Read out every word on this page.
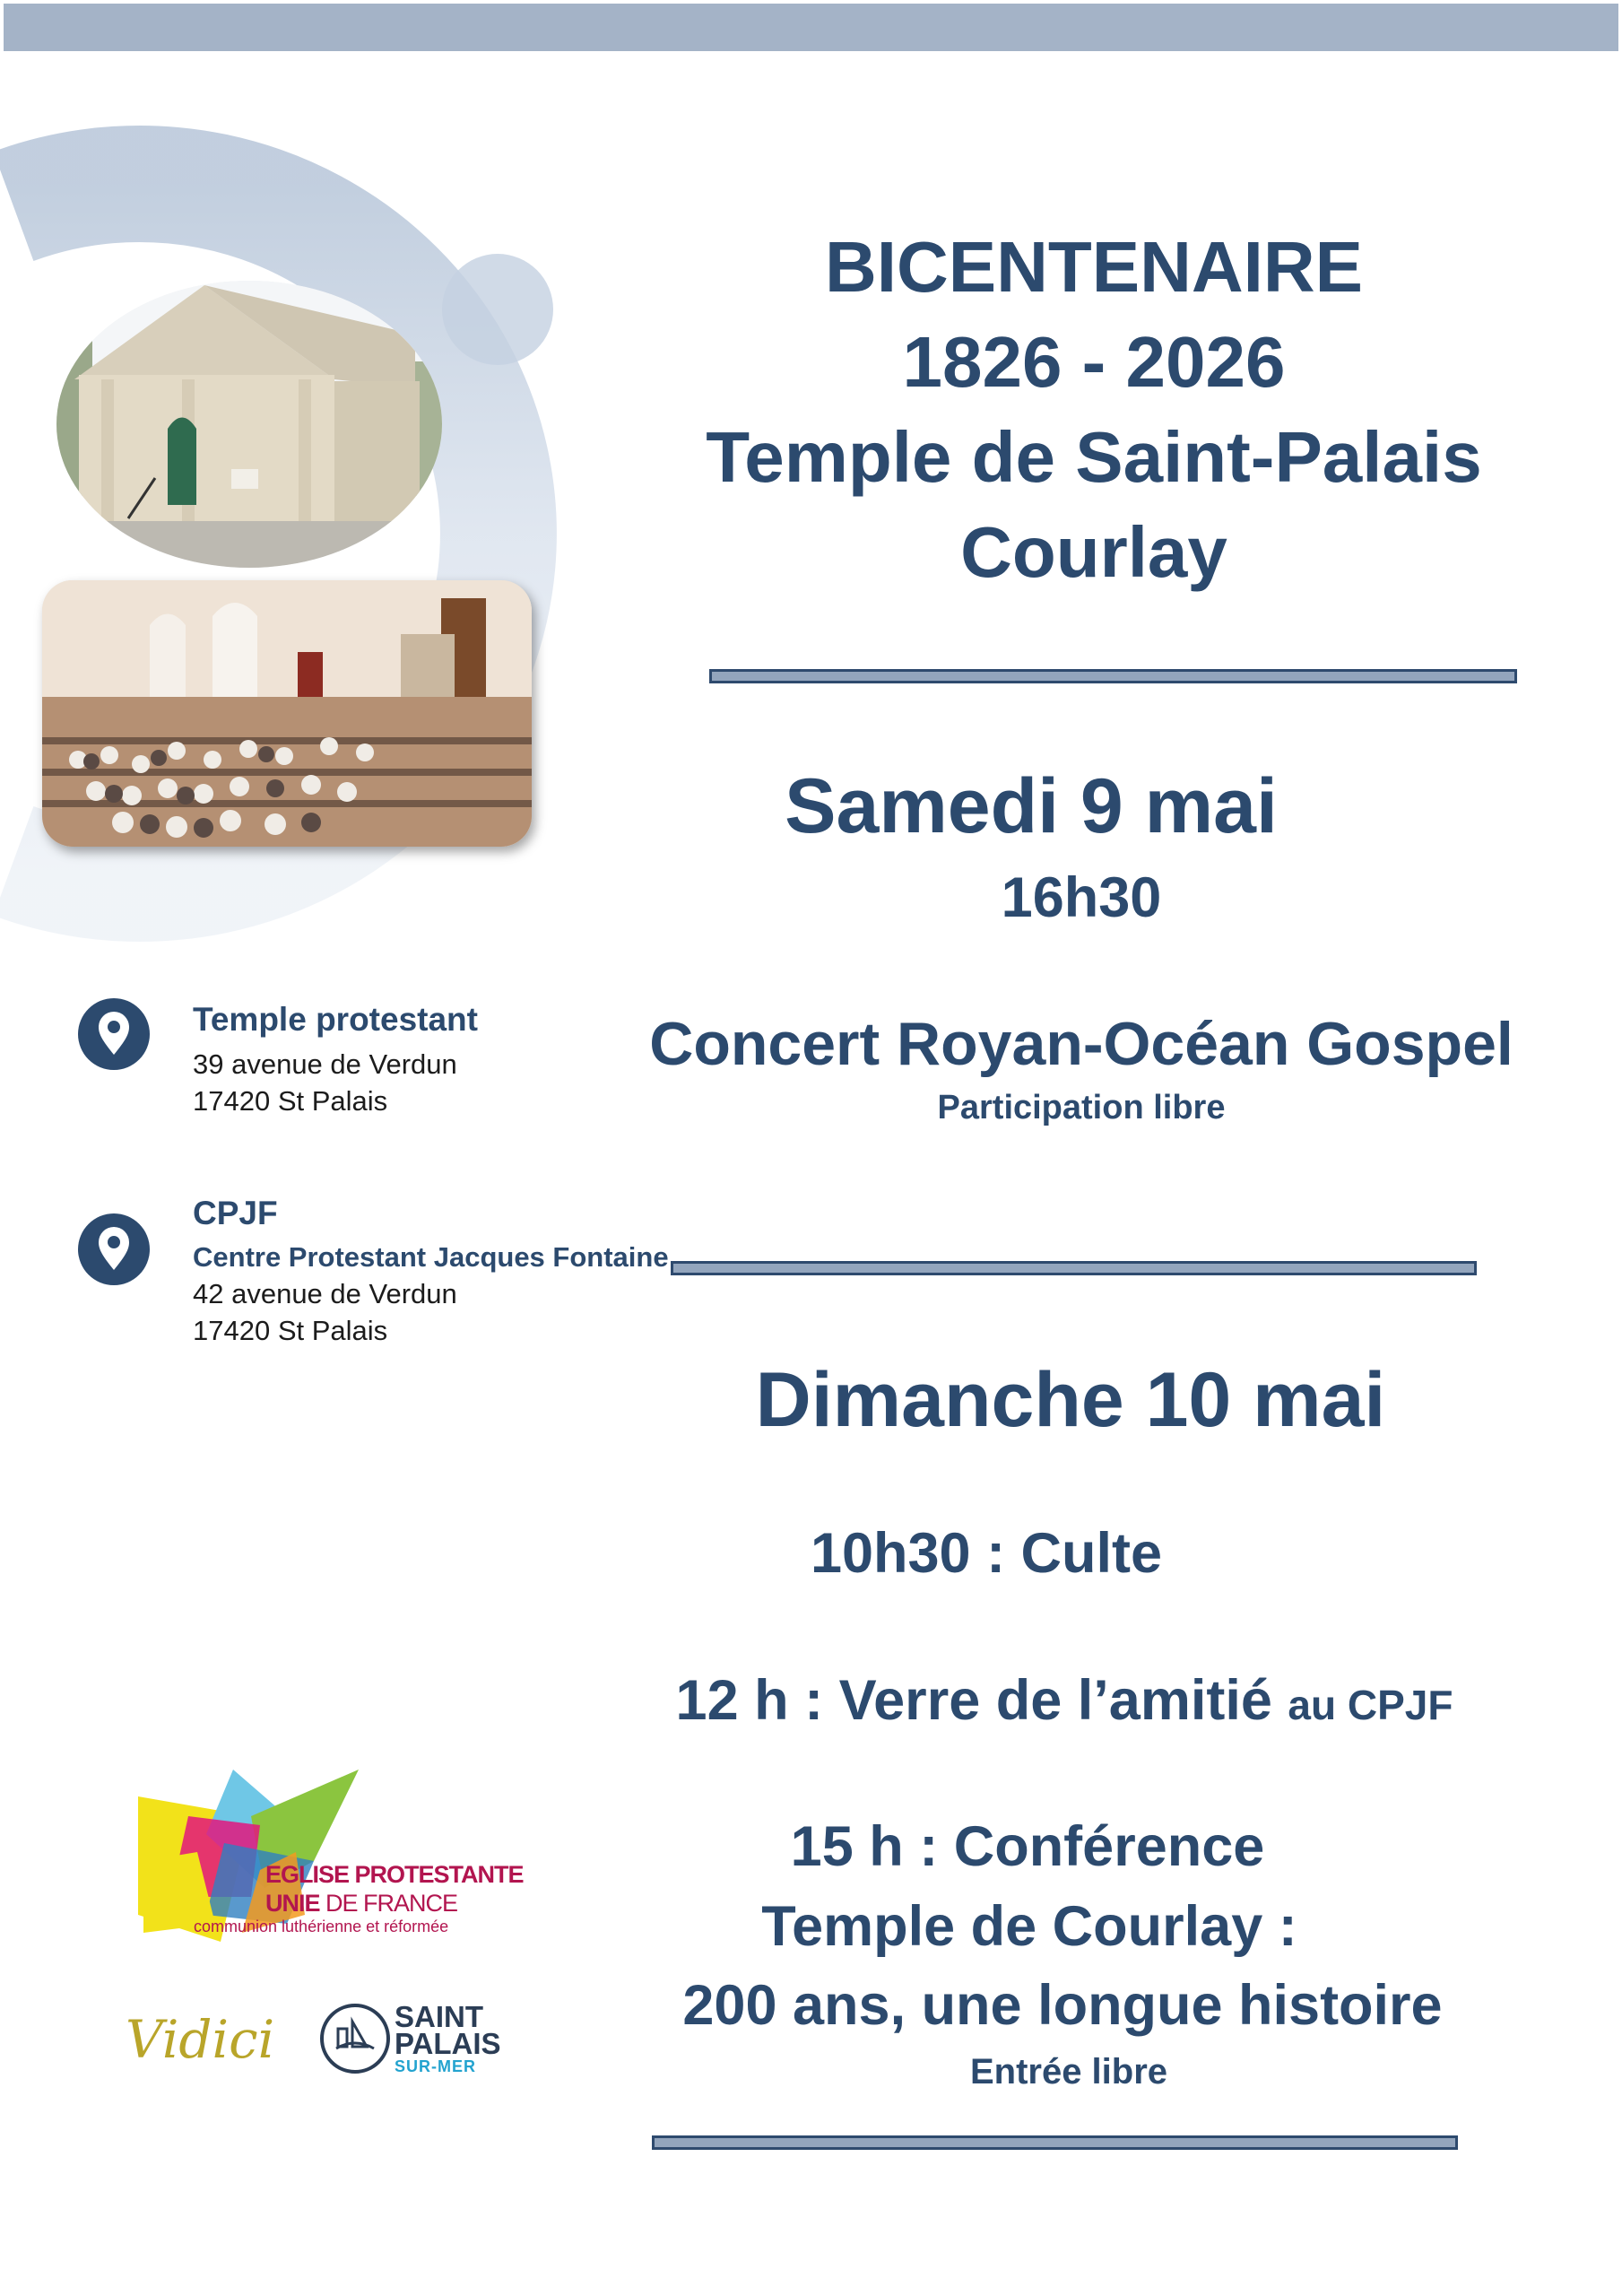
BICENTENAIRE
1826 - 2026
Temple de Saint-Palais
Courlay
Samedi 9 mai
16h30
Concert Royan-Océan Gospel
Participation libre
Dimanche 10 mai
10h30 : Culte
12 h : Verre de l’amitié au CPJF
15 h : Conférence
Temple de Courlay :
200 ans, une longue histoire
Entrée libre
Temple protestant
39 avenue de Verdun
17420 St Palais
CPJF
Centre Protestant Jacques Fontaine
42 avenue de Verdun
17420 St Palais
EGLISE PROTESTANTE
UNIE DE FRANCE
communion luthérienne et réformée
Vidici	SAINT
PALAIS
SUR-MER
